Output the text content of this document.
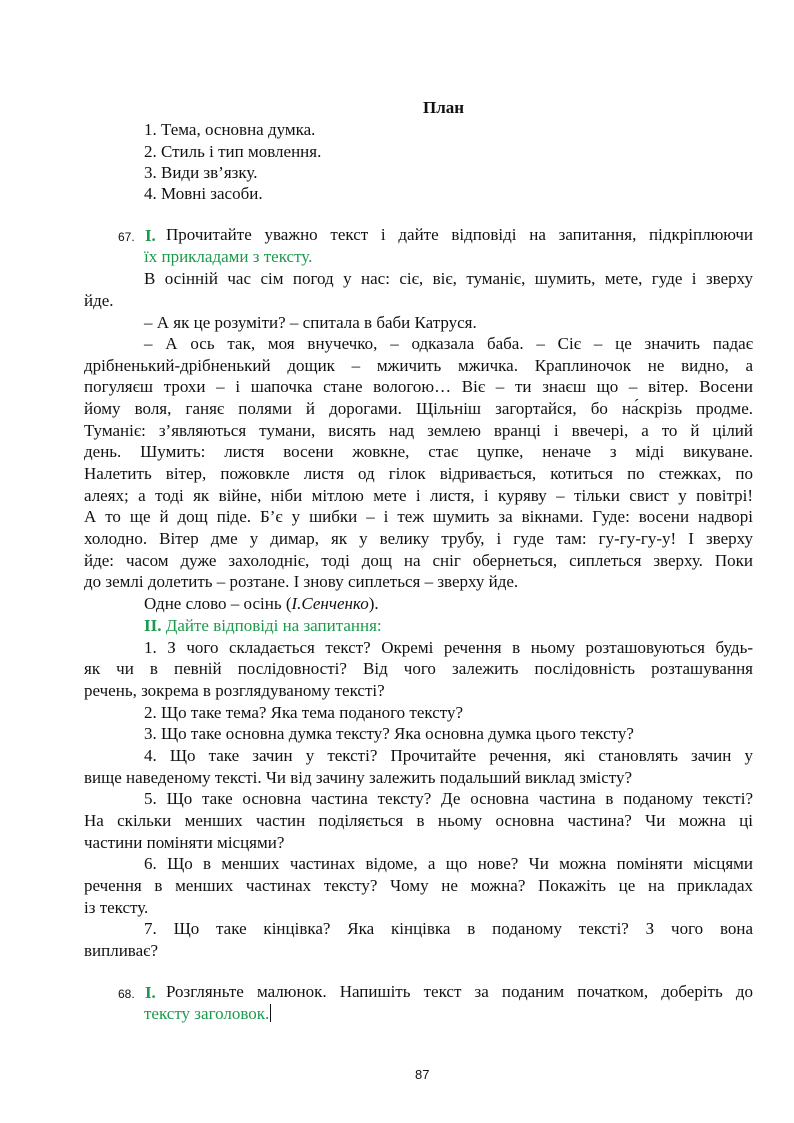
План
1. Тема, основна думка.
2. Стиль і тип мовлення.
3. Види зв’язку.
4. Мовні засоби.
67. I. Прочитайте уважно текст і дайте відповіді на запитання, підкріплюючи
їх прикладами з тексту.
В осінній час сім погод у нас: сіє, віє, туманіє, шумить, мете, гуде і зверху
йде.
– А як це розуміти? – спитала в баби Катруся.
– А ось так, моя внучечко, – одказала баба. – Сіє – це значить падає
дрібненький-дрібненький дощик – мжичить мжичка. Краплиночок не видно, а
погуляєш трохи – і шапочка стане вологою… Віє – ти знаєш що – вітер. Восени
йому воля, ганяє полями й дорогами. Щільніш загортайся, бо на́скрізь продме.
Туманіє: з’являються тумани, висять над землею вранці і ввечері, а то й цілий
день. Шумить: листя восени жовкне, стає цупке, неначе з міді викуване.
Налетить вітер, пожовкле листя од гілок відривається, котиться по стежках, по
алеях; а тоді як війне, ніби мітлою мете і листя, і куряву – тільки свист у повітрі!
А то ще й дощ піде. Б’є у шибки – і теж шумить за вікнами. Гуде: восени надворі
холодно. Вітер дме у димар, як у велику трубу, і гуде там: гу-гу-гу-у! І зверху
йде: часом дуже захолодніє, тоді дощ на сніг обернеться, сиплеться зверху. Поки
до землі долетить – розтане. І знову сиплеться – зверху йде.
Одне слово – осінь (І.Сенченко).
II. Дайте відповіді на запитання:
1. З чого складається текст? Окремі речення в ньому розташовуються будь-
як чи в певній послідовності? Від чого залежить послідовність розташування
речень, зокрема в розглядуваному тексті?
2. Що таке тема? Яка тема поданого тексту?
3. Що таке основна думка тексту? Яка основна думка цього тексту?
4. Що таке зачин у тексті? Прочитайте речення, які становлять зачин у
вище наведеному тексті. Чи від зачину залежить подальший виклад змісту?
5. Що таке основна частина тексту? Де основна частина в поданому тексті?
На скільки менших частин поділяється в ньому основна частина? Чи можна ці
частини поміняти місцями?
6. Що в менших частинах відоме, а що нове? Чи можна поміняти місцями
речення в менших частинах тексту? Чому не можна? Покажіть це на прикладах
із тексту.
7. Що таке кінцівка? Яка кінцівка в поданому тексті? З чого вона
випливає?
68. I. Розгляньте малюнок. Напишіть текст за поданим початком, доберіть до
тексту заголовок.
87
